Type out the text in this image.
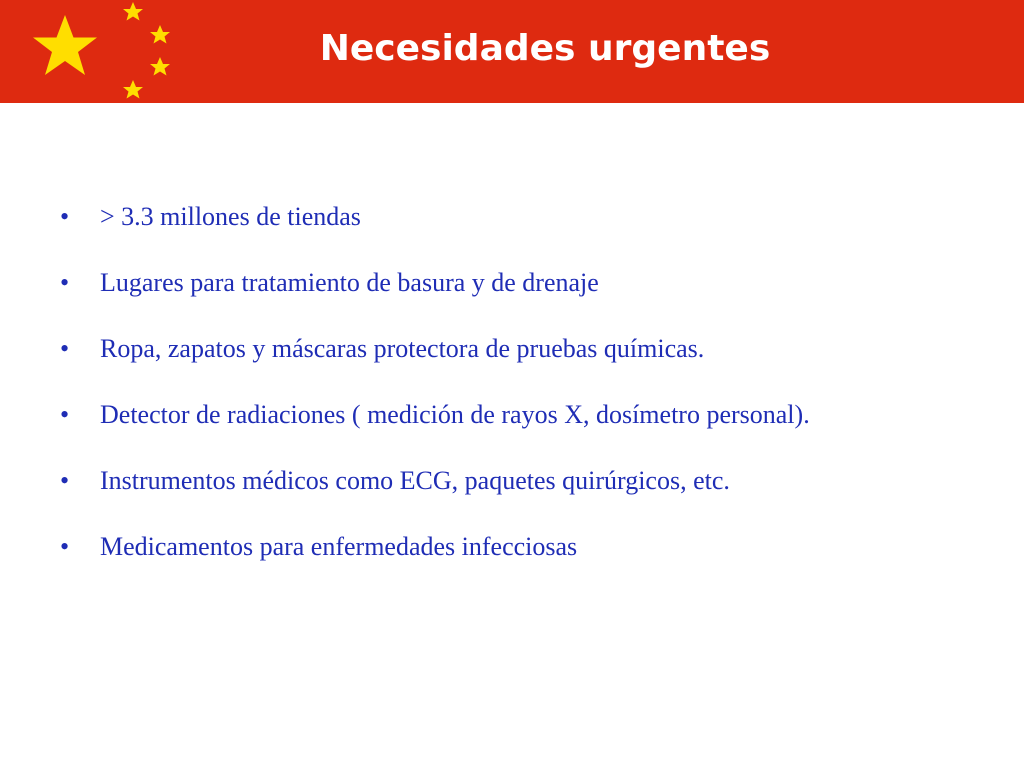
Necesidades urgentes
•	> 3.3 millones de tiendas
•	Lugares para tratamiento de basura y de drenaje
•	Ropa, zapatos y máscaras protectora de pruebas químicas.
•	Detector de radiaciones ( medición de rayos X, dosímetro personal).
•	Instrumentos médicos como ECG, paquetes quirúrgicos, etc.
•	Medicamentos para enfermedades infecciosas
